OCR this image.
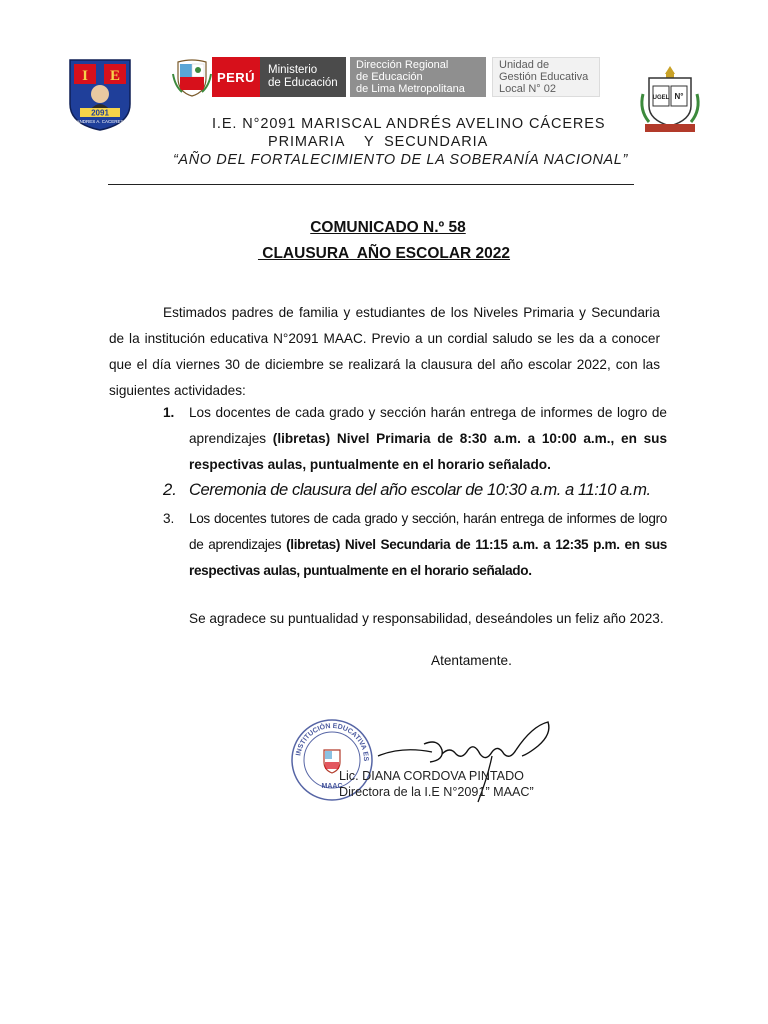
I E
2091
ANDRES A. CACERES
PERÚ	Ministerio
de Educación
Dirección Regional
de Educación
de Lima Metropolitana
Unidad de
Gestión Educativa
Local N° 02
UGEL N°
I.E. N°2091 MARISCAL ANDRÉS AVELINO CÁCERES
PRIMARIA    Y  SECUNDARIA
“AÑO DEL FORTALECIMIENTO DE LA SOBERANÍA NACIONAL”
COMUNICADO N.º 58
CLAUSURA  AÑO ESCOLAR 2022
Estimados padres de familia y estudiantes de los Niveles Primaria y Secundaria de la institución educativa N°2091 MAAC. Previo a un cordial saludo se les da a conocer que el día viernes 30 de diciembre se realizará la clausura del año escolar 2022, con las siguientes actividades:
1. Los docentes de cada grado y sección harán entrega de informes de logro de aprendizajes (libretas) Nivel Primaria de 8:30 a.m. a 10:00 a.m., en sus respectivas aulas, puntualmente en el horario señalado.
2. Ceremonia de clausura del año escolar de 10:30 a.m. a 11:10 a.m.
3. Los docentes tutores de cada grado y sección, harán entrega de informes de logro de aprendizajes (libretas) Nivel Secundaria de 11:15 a.m. a 12:35 p.m. en sus respectivas aulas, puntualmente en el horario señalado.
Se agradece su puntualidad y responsabilidad, deseándoles un feliz año 2023.
Atentamente.
INSTITUCIÓN EDUCATIVA ES
MAAC
Lic. DIANA CORDOVA PINTADO
Directora de la I.E N°2091” MAAC”
